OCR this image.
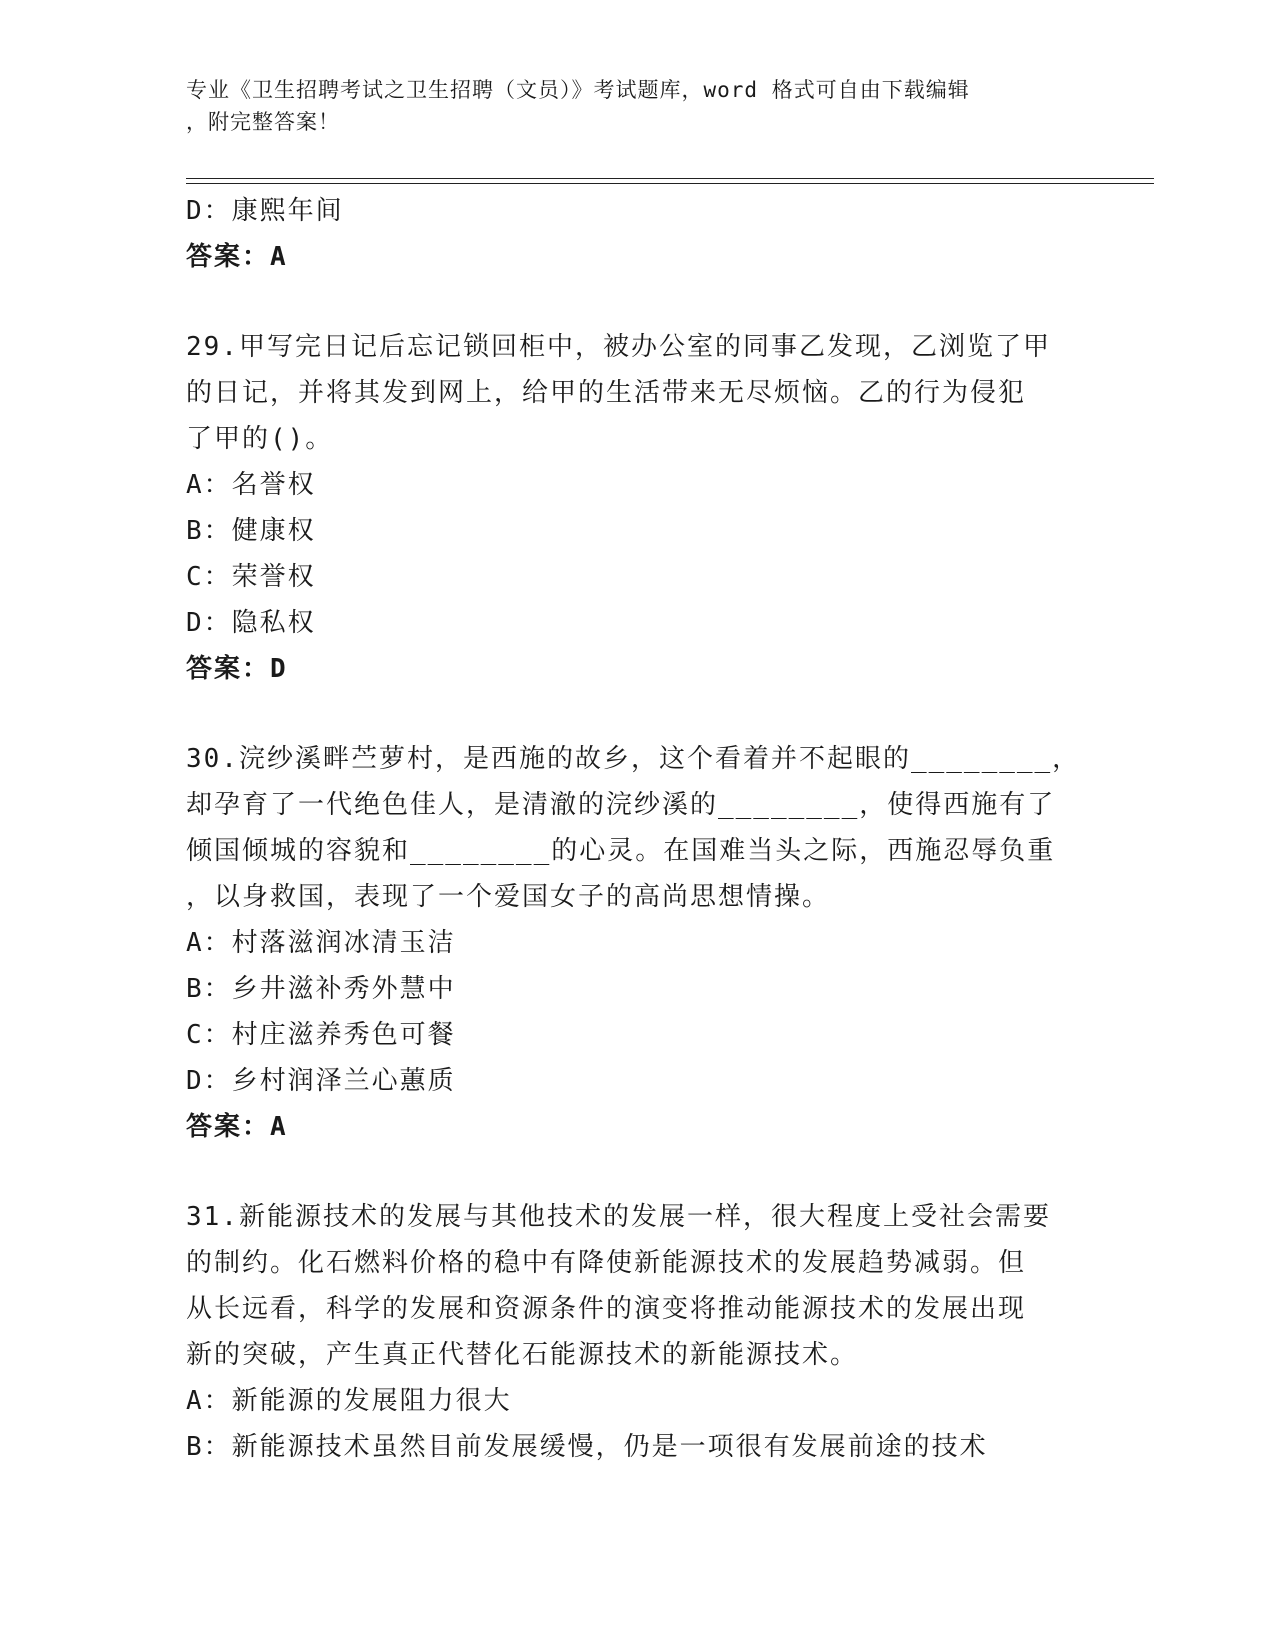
专业《卫生招聘考试之卫生招聘（文员）》考试题库，word 格式可自由下载编辑
，附完整答案！
D：康熙年间
答案：A
29.甲写完日记后忘记锁回柜中，被办公室的同事乙发现，乙浏览了甲
的日记，并将其发到网上，给甲的生活带来无尽烦恼。乙的行为侵犯
了甲的()。
A：名誉权
B：健康权
C：荣誉权
D：隐私权
答案：D
30.浣纱溪畔苎萝村，是西施的故乡，这个看着并不起眼的________，
却孕育了一代绝色佳人，是清澈的浣纱溪的________，使得西施有了
倾国倾城的容貌和________的心灵。在国难当头之际，西施忍辱负重
，以身救国，表现了一个爱国女子的高尚思想情操。
A：村落滋润冰清玉洁
B：乡井滋补秀外慧中
C：村庄滋养秀色可餐
D：乡村润泽兰心蕙质
答案：A
31.新能源技术的发展与其他技术的发展一样，很大程度上受社会需要
的制约。化石燃料价格的稳中有降使新能源技术的发展趋势减弱。但
从长远看，科学的发展和资源条件的演变将推动能源技术的发展出现
新的突破，产生真正代替化石能源技术的新能源技术。
A：新能源的发展阻力很大
B：新能源技术虽然目前发展缓慢，仍是一项很有发展前途的技术
